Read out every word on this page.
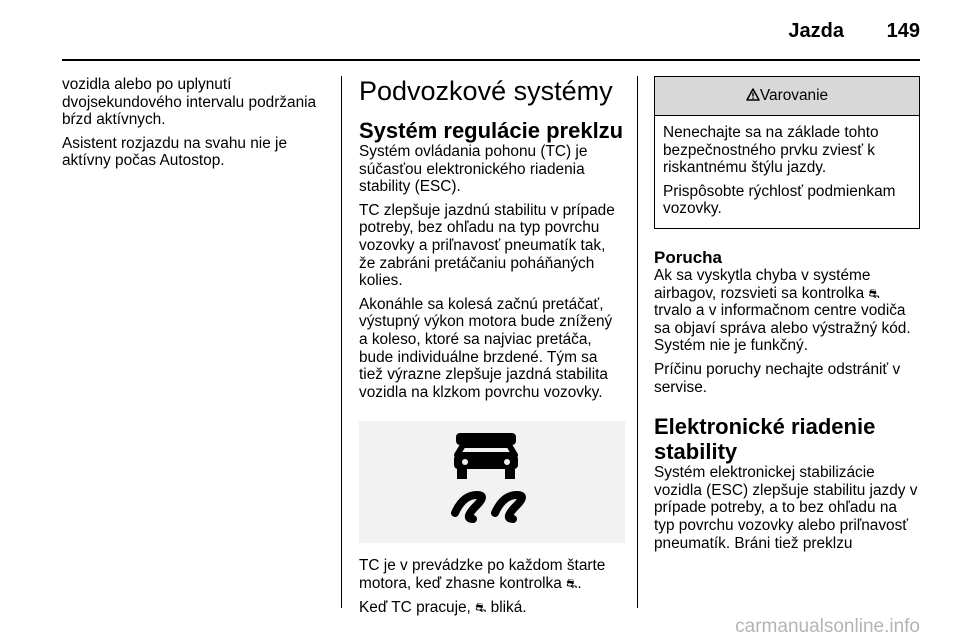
Jazda 149

vozidla alebo po uplynutí dvojsekundového intervalu podržania bŕzd aktívnych.

Asistent rozjazdu na svahu nie je aktívny počas Autostop.

Podvozkové systémy
Systém regulácie preklzu

Systém ovládania pohonu (TC) je súčasťou elektronického riadenia stability (ESC).

TC zlepšuje jazdnú stabilitu v prípade potreby, bez ohľadu na typ povrchu vozovky a priľnavosť pneumatík tak, že zabráni pretáčaniu poháňaných kolies.

Akonáhle sa kolesá začnú pretáčať, výstupný výkon motora bude znížený a koleso, ktoré sa najviac pretáča, bude individuálne brzdené. Tým sa tiež výrazne zlepšuje jazdná stabilita vozidla na klzkom povrchu vozovky.

TC je v prevádzke po každom štarte motora, keď zhasne kontrolka ⛐.

Keď TC pracuje, ⛐ bliká.

Varovanie

Nenechajte sa na základe tohto bezpečnostného prvku zviesť k riskantnému štýlu jazdy.

Prispôsobte rýchlosť podmienkam vozovky.

Porucha

Ak sa vyskytla chyba v systéme airbagov, rozsvieti sa kontrolka ⛐ trvalo a v informačnom centre vodiča sa objaví správa alebo výstražný kód. Systém nie je funkčný.

Príčinu poruchy nechajte odstrániť v servise.

Elektronické riadenie stability

Systém elektronickej stabilizácie vozidla (ESC) zlepšuje stabilitu jazdy v prípade potreby, a to bez ohľadu na typ povrchu vozovky alebo priľnavosť pneumatík. Bráni tiež preklzu

carmanualsonline.info
